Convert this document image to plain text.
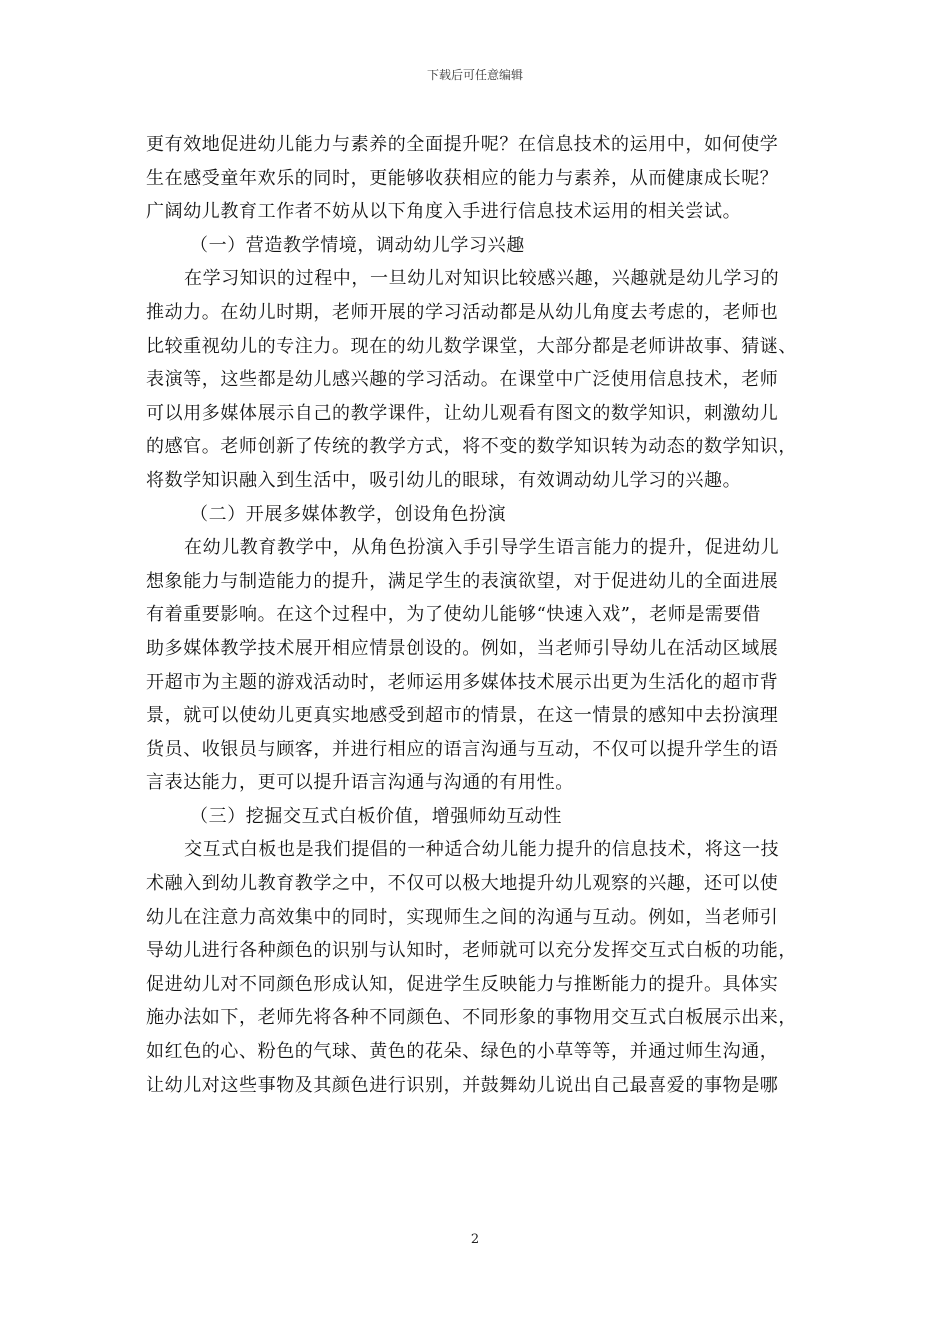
下载后可任意编辑
更有效地促进幼儿能力与素养的全面提升呢？在信息技术的运用中，如何使学
生在感受童年欢乐的同时，更能够收获相应的能力与素养，从而健康成长呢？
广阔幼儿教育工作者不妨从以下角度入手进行信息技术运用的相关尝试。
（一）营造教学情境，调动幼儿学习兴趣
在学习知识的过程中，一旦幼儿对知识比较感兴趣，兴趣就是幼儿学习的
推动力。在幼儿时期，老师开展的学习活动都是从幼儿角度去考虑的，老师也
比较重视幼儿的专注力。现在的幼儿数学课堂，大部分都是老师讲故事、猜谜、
表演等，这些都是幼儿感兴趣的学习活动。在课堂中广泛使用信息技术，老师
可以用多媒体展示自己的教学课件，让幼儿观看有图文的数学知识，刺激幼儿
的感官。老师创新了传统的教学方式，将不变的数学知识转为动态的数学知识，
将数学知识融入到生活中，吸引幼儿的眼球，有效调动幼儿学习的兴趣。
（二）开展多媒体教学，创设角色扮演
在幼儿教育教学中，从角色扮演入手引导学生语言能力的提升，促进幼儿
想象能力与制造能力的提升，满足学生的表演欲望，对于促进幼儿的全面进展
有着重要影响。在这个过程中，为了使幼儿能够“快速入戏”，老师是需要借
助多媒体教学技术展开相应情景创设的。例如，当老师引导幼儿在活动区域展
开超市为主题的游戏活动时，老师运用多媒体技术展示出更为生活化的超市背
景，就可以使幼儿更真实地感受到超市的情景，在这一情景的感知中去扮演理
货员、收银员与顾客，并进行相应的语言沟通与互动，不仅可以提升学生的语
言表达能力，更可以提升语言沟通与沟通的有用性。
（三）挖掘交互式白板价值，增强师幼互动性
交互式白板也是我们提倡的一种适合幼儿能力提升的信息技术，将这一技
术融入到幼儿教育教学之中，不仅可以极大地提升幼儿观察的兴趣，还可以使
幼儿在注意力高效集中的同时，实现师生之间的沟通与互动。例如，当老师引
导幼儿进行各种颜色的识别与认知时，老师就可以充分发挥交互式白板的功能，
促进幼儿对不同颜色形成认知，促进学生反映能力与推断能力的提升。具体实
施办法如下，老师先将各种不同颜色、不同形象的事物用交互式白板展示出来，
如红色的心、粉色的气球、黄色的花朵、绿色的小草等等，并通过师生沟通，
让幼儿对这些事物及其颜色进行识别，并鼓舞幼儿说出自己最喜爱的事物是哪
2
